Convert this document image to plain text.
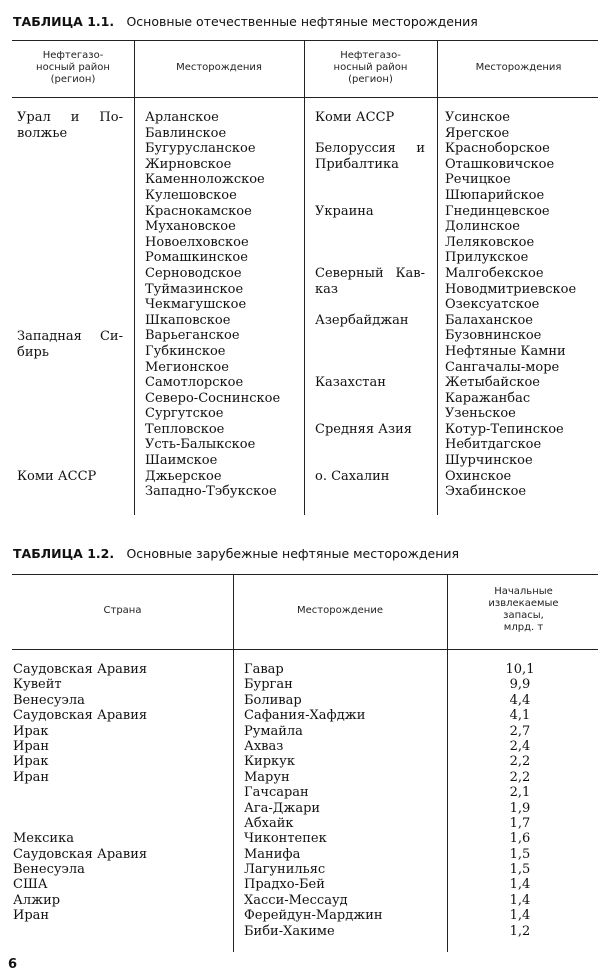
ТАБЛИЦА 1.1. Основные отечественные нефтяные месторождения
Нефтегазо-
носный район
(регион)
Месторождения
Нефтегазо-
носный район
(регион)
Месторождения
Урал и По-
волжье
Западная Си-
бирь
Коми АССР
Арланское
Бавлинское
Бугурусланское
Жирновское
Каменноложское
Кулешовское
Краснокамское
Мухановское
Новоелховское
Ромашкинское
Серноводское
Туймазинское
Чекмагушское
Шкаповское
Варьеганское
Губкинское
Мегионское
Самотлорское
Северо-Соснинское
Сургутское
Тепловское
Усть-Балыкское
Шаимское
Джьерское
Западно-Тэбукское
Коми АССР
Белоруссия и
Прибалтика
Украина
Северный Кав-
каз
Азербайджан
Казахстан
Средняя Азия
о. Сахалин
Усинское
Ярегское
Красноборское
Оташковичское
Речицкое
Шюпарийское
Гнединцевское
Долинское
Леляковское
Прилукское
Малгобекское
Новодмитриевское
Озексуатское
Балаханское
Бузовнинское
Нефтяные Камни
Сангачалы-море
Жетыбайское
Каражанбас
Узеньское
Котур-Тепинское
Небитдагское
Шурчинское
Охинское
Эхабинское
ТАБЛИЦА 1.2. Основные зарубежные нефтяные месторождения
Страна	Месторождение
Начальные
извлекаемые
запасы,
млрд. т
Саудовская Аравия
Кувейт
Венесуэла
Саудовская Аравия
Ирак
Иран
Ирак
Иран
Мексика
Саудовская Аравия
Венесуэла
США
Алжир
Иран
Гавар
Бурган
Боливар
Сафания-Хафджи
Румайла
Ахваз
Киркук
Марун
Гачсаран
Ага-Джари
Абхайк
Чиконтепек
Манифа
Лагунильяс
Прадхо-Бей
Хасси-Мессауд
Ферейдун-Марджин
Биби-Хакиме
10,1
9,9
4,4
4,1
2,7
2,4
2,2
2,2
2,1
1,9
1,7
1,6
1,5
1,5
1,4
1,4
1,4
1,2
6
